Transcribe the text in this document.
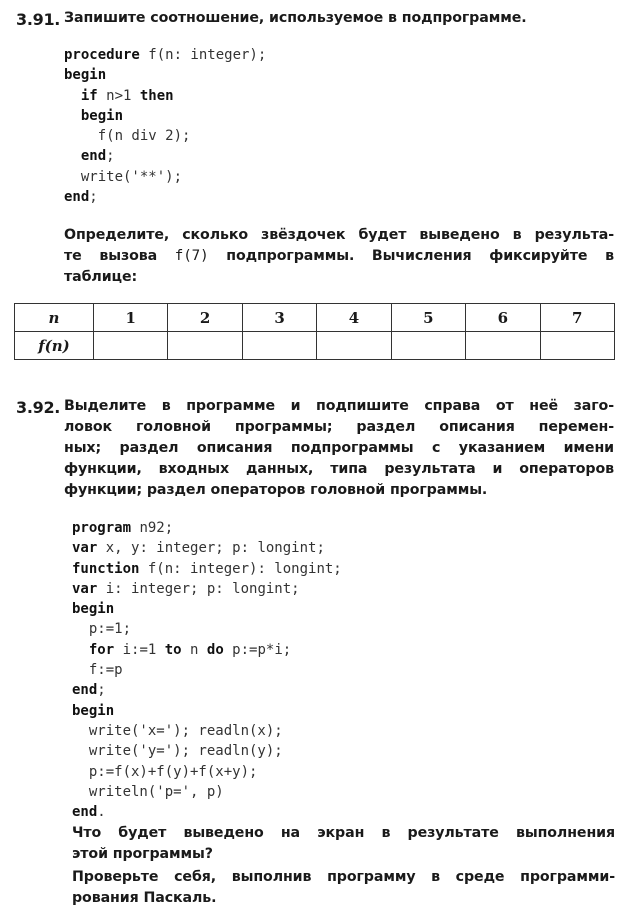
3.91. Запишите соотношение, используемое в подпрограмме.
procedure f(n: integer);
begin
if n>1 then
begin
f(n div 2);
end;
write('**');
end;
Определите, сколько звёздочек будет выведено в результа-
те вызова f(7) подпрограммы. Вычисления фиксируйте в
таблице:
n	1	2	3	4	5	6	7
f(n)							
3.92. Выделите в программе и подпишите справа от неё заго-
ловок головной программы; раздел описания перемен-
ных; раздел описания подпрограммы с указанием имени
функции, входных данных, типа результата и операторов
функции; раздел операторов головной программы.
program n92;
var x, y: integer; p: longint;
function f(n: integer): longint;
var i: integer; p: longint;
begin
p:=1;
for i:=1 to n do p:=p*i;
f:=p
end;
begin
write('x='); readln(x);
write('y='); readln(y);
p:=f(x)+f(y)+f(x+y);
writeln('p=', p)
end.
Что будет выведено на экран в результате выполнения
этой программы?
Проверьте себя, выполнив программу в среде программи-
рования Паскаль.
